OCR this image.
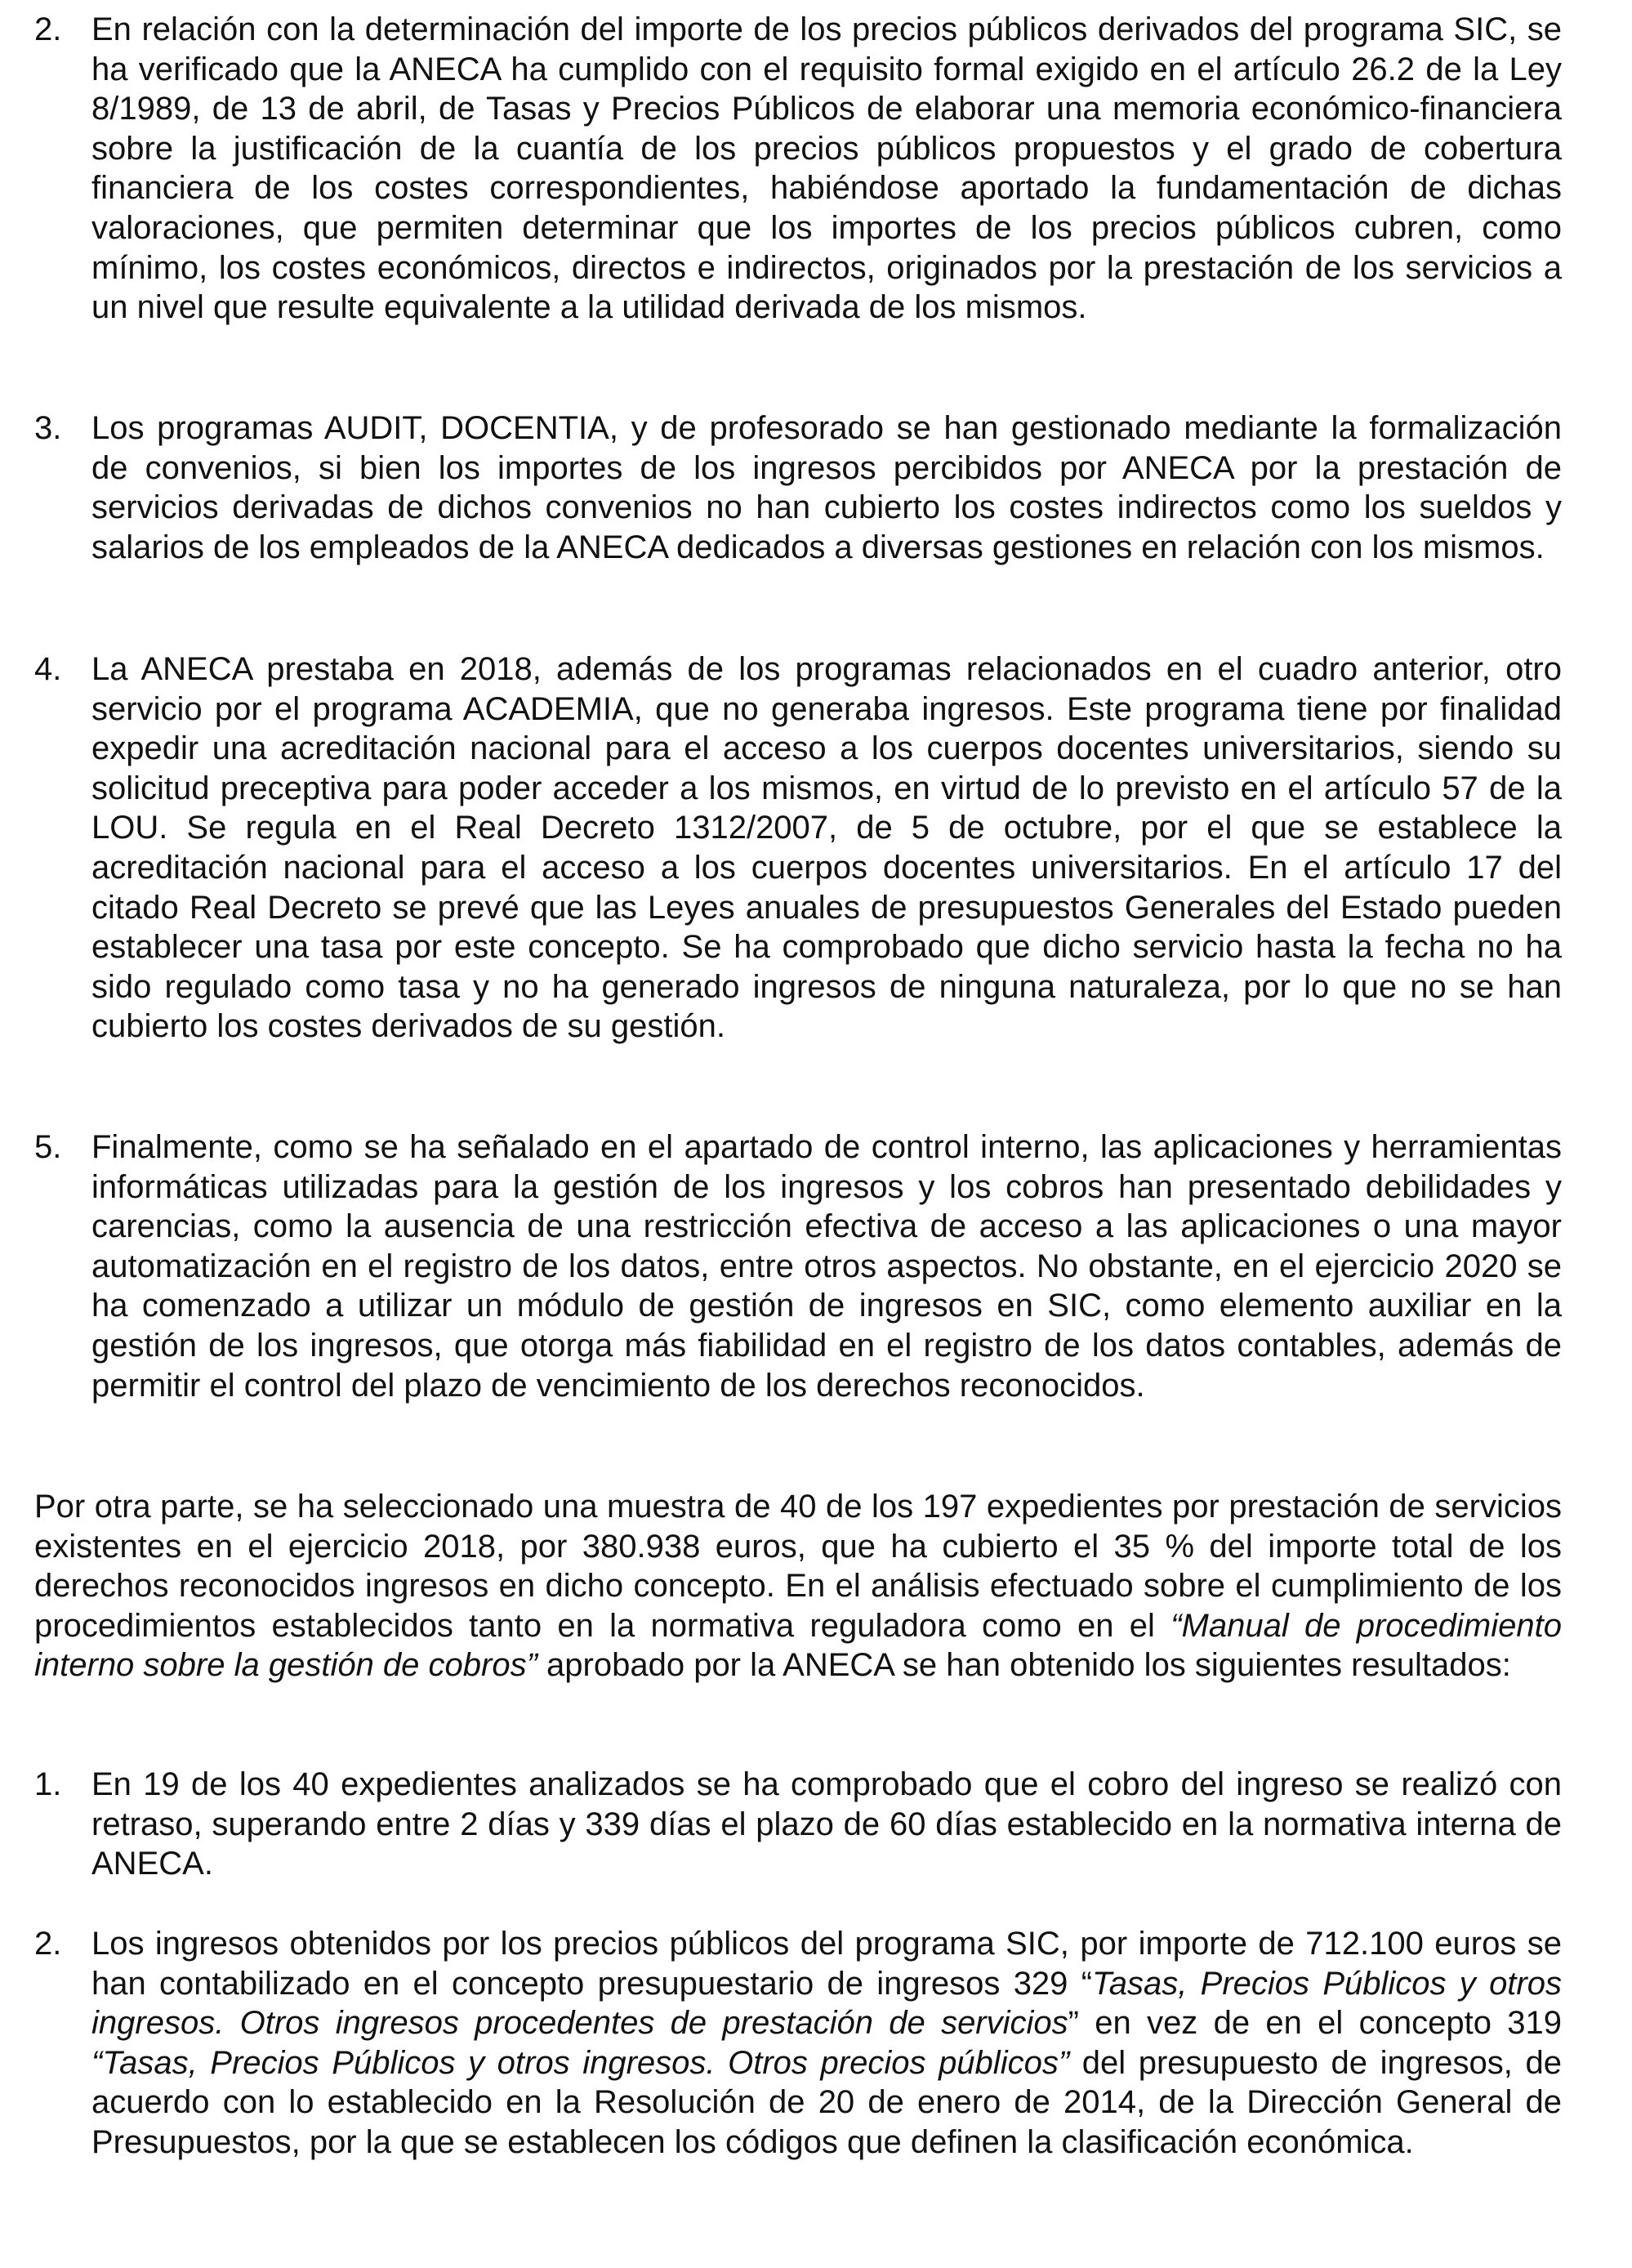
2. En relación con la determinación del importe de los precios públicos derivados del programa SIC, se ha verificado que la ANECA ha cumplido con el requisito formal exigido en el artículo 26.2 de la Ley 8/1989, de 13 de abril, de Tasas y Precios Públicos de elaborar una memoria económico-financiera sobre la justificación de la cuantía de los precios públicos propuestos y el grado de cobertura financiera de los costes correspondientes, habiéndose aportado la fundamentación de dichas valoraciones, que permiten determinar que los importes de los precios públicos cubren, como mínimo, los costes económicos, directos e indirectos, originados por la prestación de los servicios a un nivel que resulte equivalente a la utilidad derivada de los mismos.

3. Los programas AUDIT, DOCENTIA, y de profesorado se han gestionado mediante la formalización de convenios, si bien los importes de los ingresos percibidos por ANECA por la prestación de servicios derivadas de dichos convenios no han cubierto los costes indirectos como los sueldos y salarios de los empleados de la ANECA dedicados a diversas gestiones en relación con los mismos.

4. La ANECA prestaba en 2018, además de los programas relacionados en el cuadro anterior, otro servicio por el programa ACADEMIA, que no generaba ingresos. Este programa tiene por finalidad expedir una acreditación nacional para el acceso a los cuerpos docentes universitarios, siendo su solicitud preceptiva para poder acceder a los mismos, en virtud de lo previsto en el artículo 57 de la LOU. Se regula en el Real Decreto 1312/2007, de 5 de octubre, por el que se establece la acreditación nacional para el acceso a los cuerpos docentes universitarios. En el artículo 17 del citado Real Decreto se prevé que las Leyes anuales de presupuestos Generales del Estado pueden establecer una tasa por este concepto. Se ha comprobado que dicho servicio hasta la fecha no ha sido regulado como tasa y no ha generado ingresos de ninguna naturaleza, por lo que no se han cubierto los costes derivados de su gestión.

5. Finalmente, como se ha señalado en el apartado de control interno, las aplicaciones y herramientas informáticas utilizadas para la gestión de los ingresos y los cobros han presentado debilidades y carencias, como la ausencia de una restricción efectiva de acceso a las aplicaciones o una mayor automatización en el registro de los datos, entre otros aspectos. No obstante, en el ejercicio 2020 se ha comenzado a utilizar un módulo de gestión de ingresos en SIC, como elemento auxiliar en la gestión de los ingresos, que otorga más fiabilidad en el registro de los datos contables, además de permitir el control del plazo de vencimiento de los derechos reconocidos.

Por otra parte, se ha seleccionado una muestra de 40 de los 197 expedientes por prestación de servicios existentes en el ejercicio 2018, por 380.938 euros, que ha cubierto el 35 % del importe total de los derechos reconocidos ingresos en dicho concepto. En el análisis efectuado sobre el cumplimiento de los procedimientos establecidos tanto en la normativa reguladora como en el “Manual de procedimiento interno sobre la gestión de cobros” aprobado por la ANECA se han obtenido los siguientes resultados:

1. En 19 de los 40 expedientes analizados se ha comprobado que el cobro del ingreso se realizó con retraso, superando entre 2 días y 339 días el plazo de 60 días establecido en la normativa interna de ANECA.

2. Los ingresos obtenidos por los precios públicos del programa SIC, por importe de 712.100 euros se han contabilizado en el concepto presupuestario de ingresos 329 “Tasas, Precios Públicos y otros ingresos. Otros ingresos procedentes de prestación de servicios” en vez de en el concepto 319 “Tasas, Precios Públicos y otros ingresos. Otros precios públicos” del presupuesto de ingresos, de acuerdo con lo establecido en la Resolución de 20 de enero de 2014, de la Dirección General de Presupuestos, por la que se establecen los códigos que definen la clasificación económica.
